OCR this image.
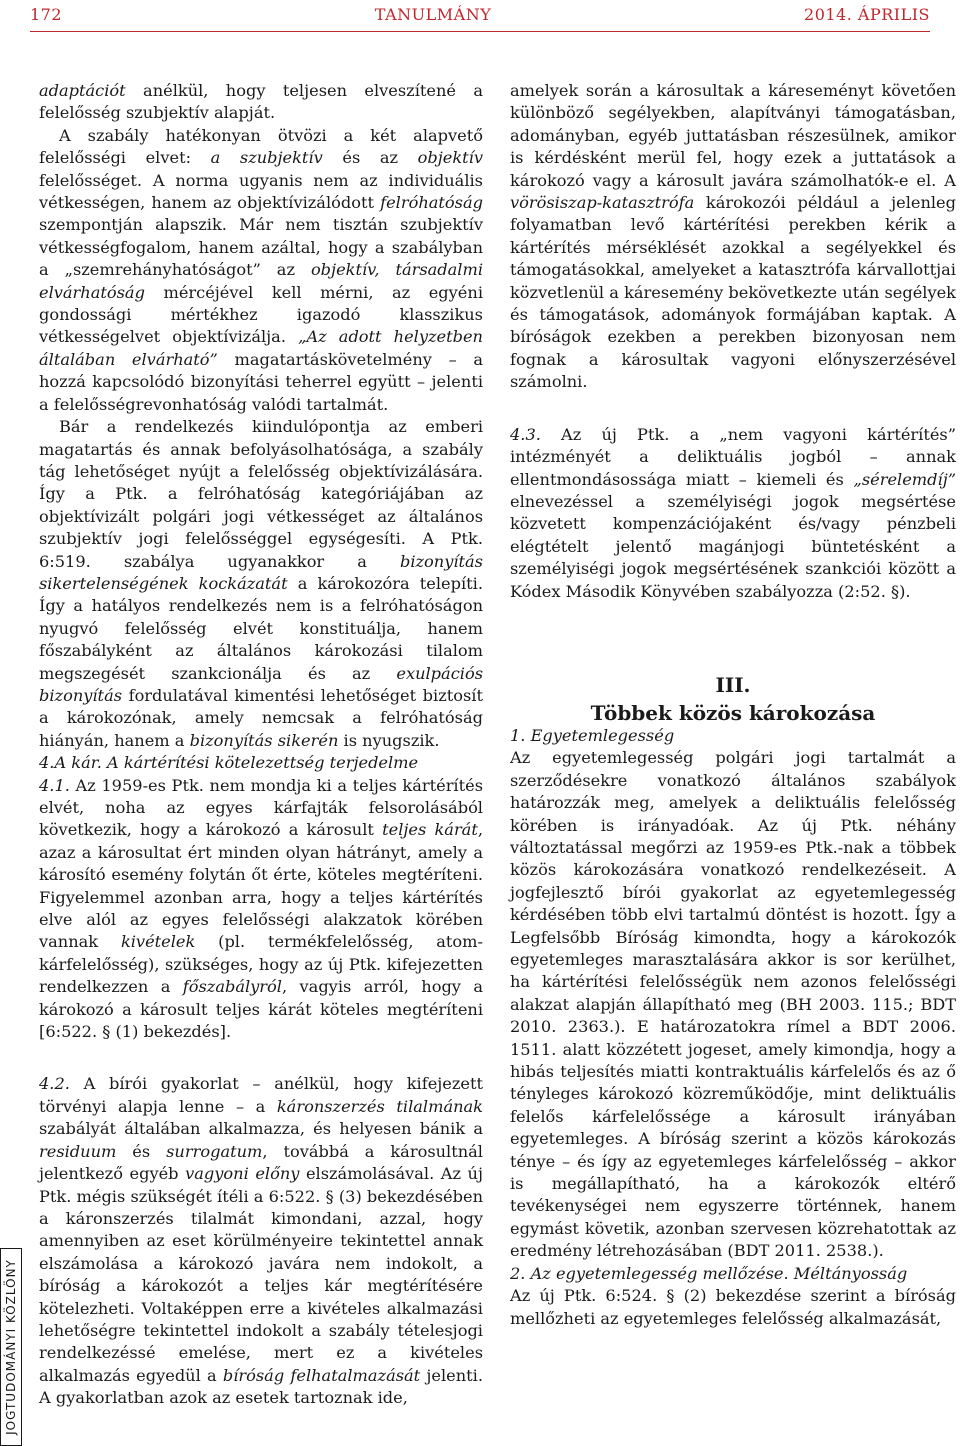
172	TANULMÁNY	2014. ÁPRILIS

adaptációt anélkül, hogy teljesen elveszítené a felelősség szubjektív alapját.

A szabály hatékonyan ötvözi a két alapvető felelősségi elvet: a szubjektív és az objektív felelősséget. A norma ugyanis nem az individuális vétkességen, hanem az objektívizálódott felróhatóság szempontján alapszik. Már nem tisztán szubjektív vétkességfogalom, hanem azáltal, hogy a szabályban a „szemrehányhatóságot” az objektív, társadalmi elvárhatóság mércéjével kell mérni, az egyéni gondossági mértékhez igazodó klasszikus vétkességelvet objektívizálja. „Az adott helyzetben általában elvárható” magatartáskövetelmény – a hozzá kapcsolódó bizonyítási teherrel együtt – jelenti a felelősségrevonhatóság valódi tartalmát.

Bár a rendelkezés kiindulópontja az emberi magatartás és annak befolyásolhatósága, a szabály tág lehetőséget nyújt a felelősség objektívizálására. Így a Ptk. a felróhatóság kategóriájában az objektívizált polgári jogi vétkességet az általános szubjektív jogi felelősséggel egységesíti. A Ptk. 6:519. szabálya ugyanakkor a bizonyítás sikertelenségének kockázatát a károkozóra telepíti. Így a hatályos rendelkezés nem is a felróhatóságon nyugvó felelősség elvét konstituálja, hanem főszabályként az általános károkozási tilalom megszegését szankcionálja és az exulpációs bizonyítás fordulatával kimentési lehetőséget biztosít a károkozónak, amely nemcsak a felróhatóság hiányán, hanem a bizonyítás sikerén is nyugszik.

4.A kár. A kártérítési kötelezettség terjedelme

4.1. Az 1959-es Ptk. nem mondja ki a teljes kártérítés elvét, noha az egyes kárfajták felsorolásából következik, hogy a károkozó a károsult teljes kárát, azaz a károsultat ért minden olyan hátrányt, amely a károsító esemény folytán őt érte, köteles megtéríteni. Figyelemmel azonban arra, hogy a teljes kártérítés elve alól az egyes felelősségi alakzatok körében vannak kivételek (pl. termékfelelősség, atom-kárfelelősség), szükséges, hogy az új Ptk. kifejezetten rendelkezzen a főszabályról, vagyis arról, hogy a károkozó a károsult teljes kárát köteles megtéríteni [6:522. § (1) bekezdés].

4.2. A bírói gyakorlat – anélkül, hogy kifejezett törvényi alapja lenne – a káronszerzés tilalmának szabályát általában alkalmazza, és helyesen bánik a residuum és surrogatum, továbbá a károsultnál jelentkező egyéb vagyoni előny elszámolásával. Az új Ptk. mégis szükségét ítéli a 6:522. § (3) bekezdésében a káronszerzés tilalmát kimondani, azzal, hogy amennyiben az eset körülményeire tekintettel annak elszámolása a károkozó javára nem indokolt, a bíróság a károkozót a teljes kár megtérítésére kötelezheti. Voltaképpen erre a kivételes alkalmazási lehetőségre tekintettel indokolt a szabály tételesjogi rendelkezéssé emelése, mert ez a kivételes alkalmazás egyedül a bíróság felhatalmazását jelenti. A gyakorlatban azok az esetek tartoznak ide,

amelyek során a károsultak a káreseményt követően különböző segélyekben, alapítványi támogatásban, adományban, egyéb juttatásban részesülnek, amikor is kérdésként merül fel, hogy ezek a juttatások a károkozó vagy a károsult javára számolhatók-e el. A vörösiszap-katasztrófa károkozói például a jelenleg folyamatban levő kártérítési perekben kérik a kártérítés mérséklését azokkal a segélyekkel és támogatásokkal, amelyeket a katasztrófa kárvallottjai közvetlenül a káresemény bekövetkezte után segélyek és támogatások, adományok formájában kaptak. A bíróságok ezekben a perekben bizonyosan nem fognak a károsultak vagyoni előnyszerzésével számolni.

4.3. Az új Ptk. a „nem vagyoni kártérítés” intézményét a deliktuális jogból – annak ellentmondásossága miatt – kiemeli és „sérelemdíj” elnevezéssel a személyiségi jogok megsértése közvetett kompenzációjaként és/vagy pénzbeli elégtételt jelentő magánjogi büntetésként a személyiségi jogok megsértésének szankciói között a Kódex Második Könyvében szabályozza (2:52. §).

III.
Többek közös károkozása

1. Egyetemlegesség

Az egyetemlegesség polgári jogi tartalmát a szerződésekre vonatkozó általános szabályok határozzák meg, amelyek a deliktuális felelősség körében is irányadóak. Az új Ptk. néhány változtatással megőrzi az 1959-es Ptk.-nak a többek közös károkozására vonatkozó rendelkezéseit. A jogfejlesztő bírói gyakorlat az egyetemlegesség kérdésében több elvi tartalmú döntést is hozott. Így a Legfelsőbb Bíróság kimondta, hogy a károkozók egyetemleges marasztalására akkor is sor kerülhet, ha kártérítési felelősségük nem azonos felelősségi alakzat alapján állapítható meg (BH 2003. 115.; BDT 2010. 2363.). E határozatokra rímel a BDT 2006. 1511. alatt közzétett jogeset, amely kimondja, hogy a hibás teljesítés miatti kontraktuális kárfelelős és az ő tényleges károkozó közreműködője, mint deliktuális felelős kárfelelőssége a károsult irányában egyetemleges. A bíróság szerint a közös károkozás ténye – és így az egyetemleges kárfelelősség – akkor is megállapítható, ha a károkozók eltérő tevékenységei nem egyszerre történnek, hanem egymást követik, azonban szervesen közrehatottak az eredmény létrehozásában (BDT 2011. 2538.).

2. Az egyetemlegesség mellőzése. Méltányosság

Az új Ptk. 6:524. § (2) bekezdése szerint a bíróság mellőzheti az egyetemleges felelősség alkalmazását,

JOGTUDOMÁNYI KÖZLÖNY
